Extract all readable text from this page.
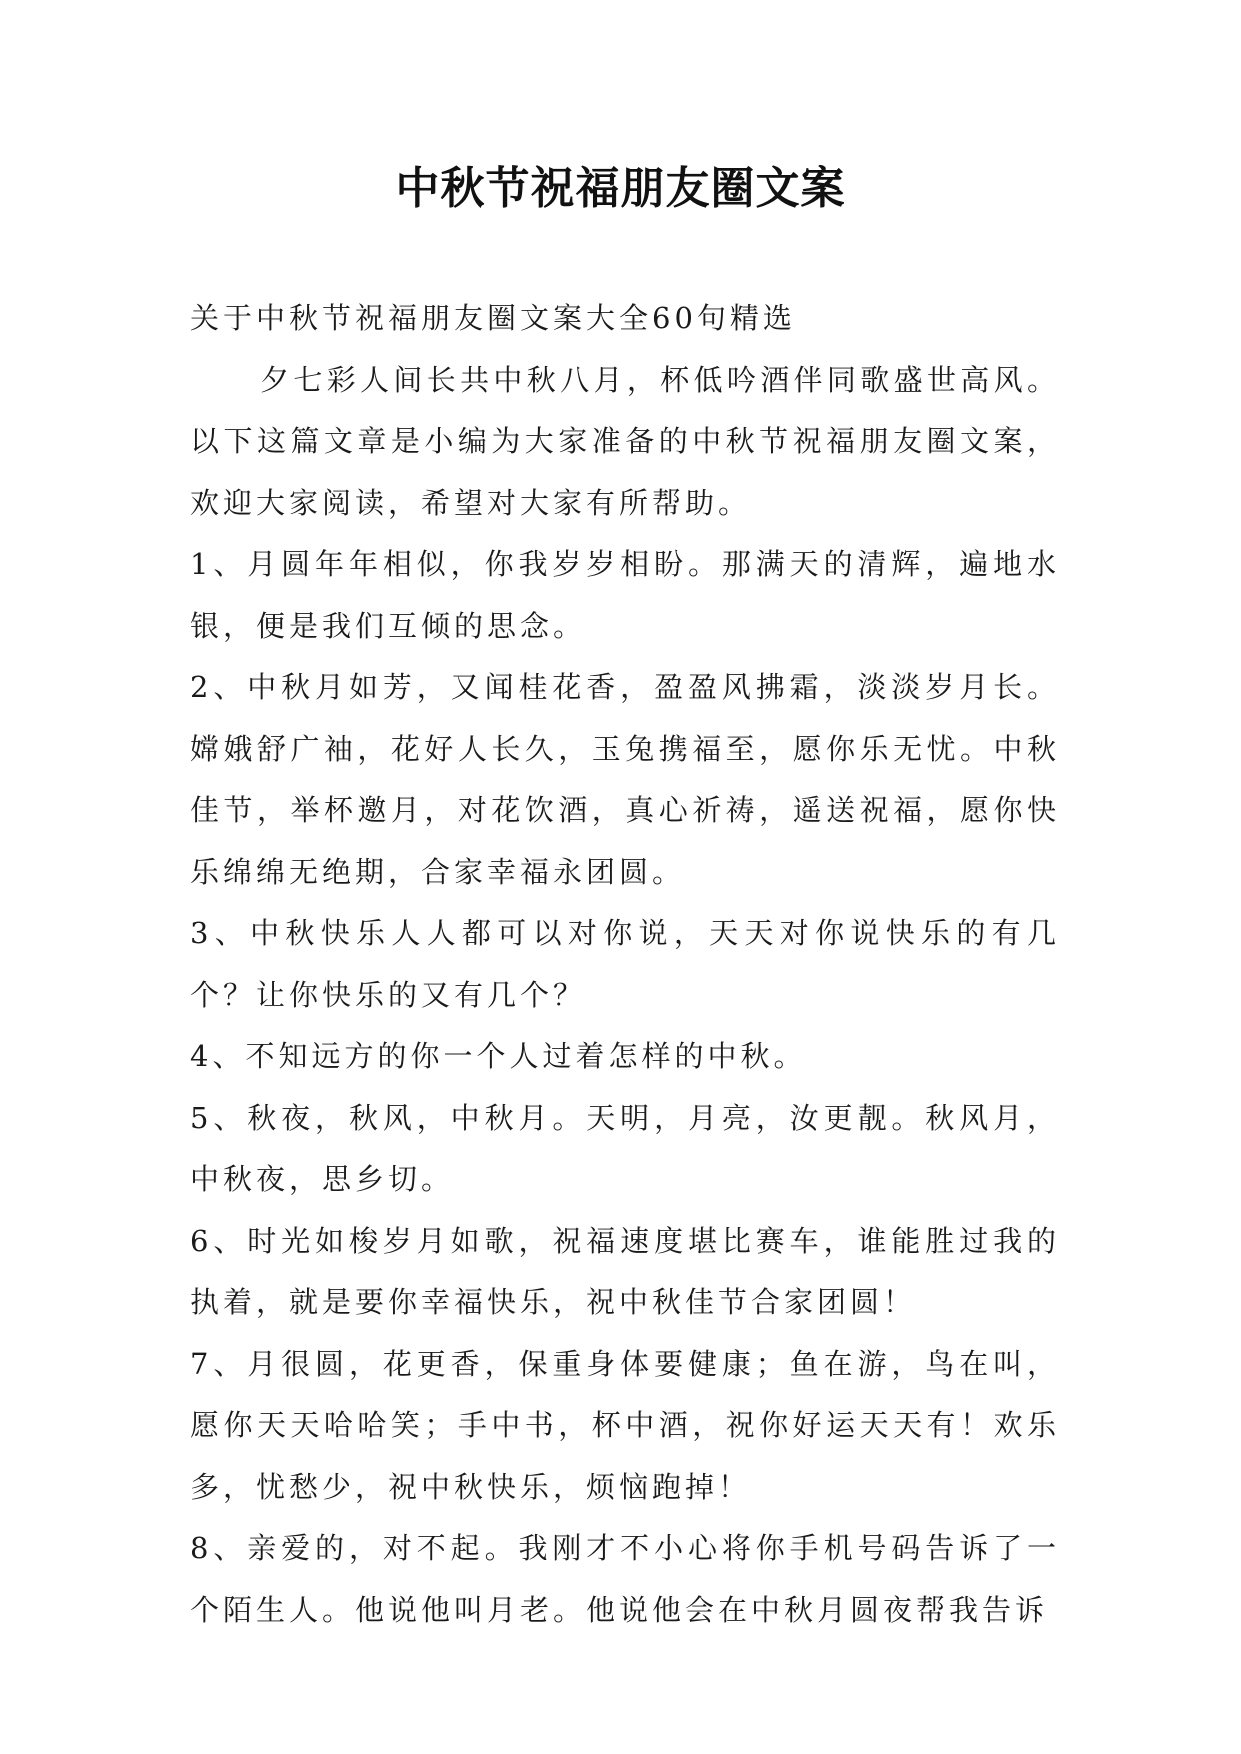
中秋节祝福朋友圈文案

关于中秋节祝福朋友圈文案大全60句精选

夕七彩人间长共中秋八月，杯低吟酒伴同歌盛世高风。以下这篇文章是小编为大家准备的中秋节祝福朋友圈文案，欢迎大家阅读，希望对大家有所帮助。

1、月圆年年相似，你我岁岁相盼。那满天的清辉，遍地水银，便是我们互倾的思念。

2、中秋月如芳，又闻桂花香，盈盈风拂霜，淡淡岁月长。嫦娥舒广袖，花好人长久，玉兔携福至，愿你乐无忧。中秋佳节，举杯邀月，对花饮酒，真心祈祷，遥送祝福，愿你快乐绵绵无绝期，合家幸福永团圆。

3、中秋快乐人人都可以对你说，天天对你说快乐的有几个？让你快乐的又有几个？

4、不知远方的你一个人过着怎样的中秋。

5、秋夜，秋风，中秋月。天明，月亮，汝更靓。秋风月，中秋夜，思乡切。

6、时光如梭岁月如歌，祝福速度堪比赛车，谁能胜过我的执着，就是要你幸福快乐，祝中秋佳节合家团圆！

7、月很圆，花更香，保重身体要健康；鱼在游，鸟在叫，愿你天天哈哈笑；手中书，杯中酒，祝你好运天天有！欢乐多，忧愁少，祝中秋快乐，烦恼跑掉！

8、亲爱的，对不起。我刚才不小心将你手机号码告诉了一个陌生人。他说他叫月老。他说他会在中秋月圆夜帮我告诉
